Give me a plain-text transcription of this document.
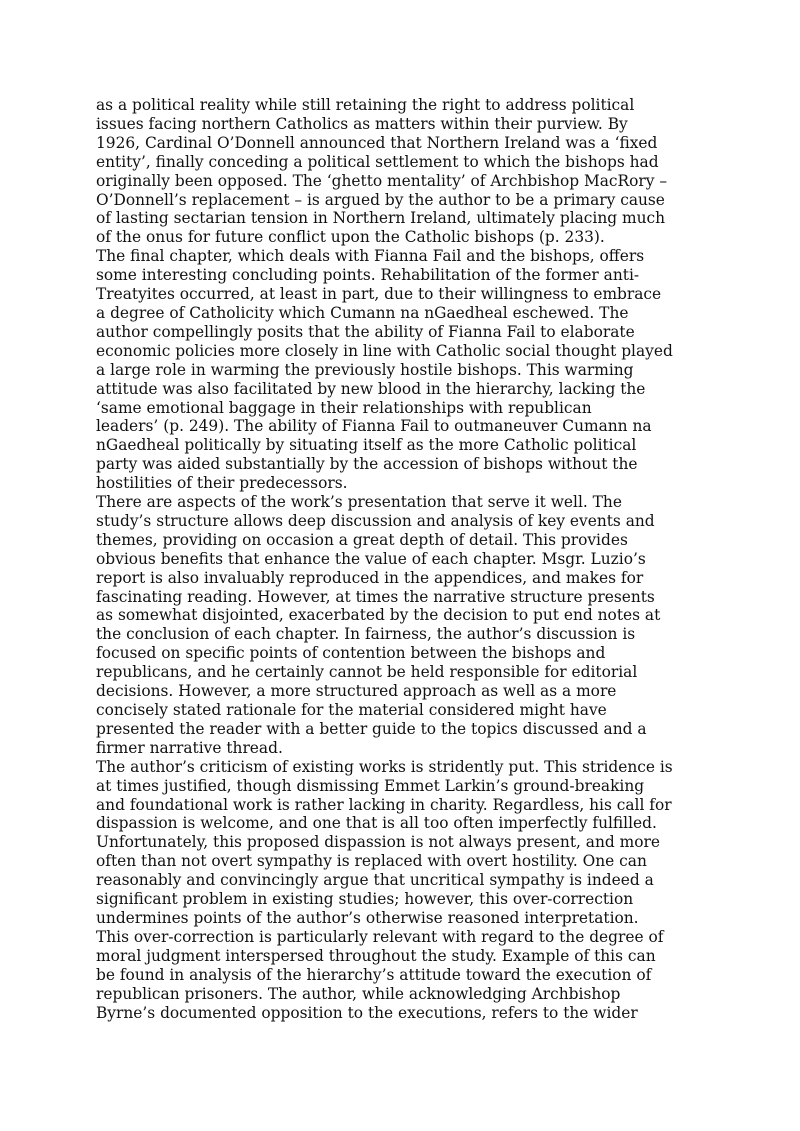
as a political reality while still retaining the right to address political
issues facing northern Catholics as matters within their purview. By
1926, Cardinal O’Donnell announced that Northern Ireland was a ‘fixed
entity’, finally conceding a political settlement to which the bishops had
originally been opposed. The ‘ghetto mentality’ of Archbishop MacRory –
O’Donnell’s replacement – is argued by the author to be a primary cause
of lasting sectarian tension in Northern Ireland, ultimately placing much
of the onus for future conflict upon the Catholic bishops (p. 233).

The final chapter, which deals with Fianna Fail and the bishops, offers
some interesting concluding points. Rehabilitation of the former anti-
Treatyites occurred, at least in part, due to their willingness to embrace
a degree of Catholicity which Cumann na nGaedheal eschewed. The
author compellingly posits that the ability of Fianna Fail to elaborate
economic policies more closely in line with Catholic social thought played
a large role in warming the previously hostile bishops. This warming
attitude was also facilitated by new blood in the hierarchy, lacking the
‘same emotional baggage in their relationships with republican
leaders’ (p. 249). The ability of Fianna Fail to outmaneuver Cumann na
nGaedheal politically by situating itself as the more Catholic political
party was aided substantially by the accession of bishops without the
hostilities of their predecessors.

There are aspects of the work’s presentation that serve it well. The
study’s structure allows deep discussion and analysis of key events and
themes, providing on occasion a great depth of detail. This provides
obvious benefits that enhance the value of each chapter. Msgr. Luzio’s
report is also invaluably reproduced in the appendices, and makes for
fascinating reading. However, at times the narrative structure presents
as somewhat disjointed, exacerbated by the decision to put end notes at
the conclusion of each chapter. In fairness, the author’s discussion is
focused on specific points of contention between the bishops and
republicans, and he certainly cannot be held responsible for editorial
decisions. However, a more structured approach as well as a more
concisely stated rationale for the material considered might have
presented the reader with a better guide to the topics discussed and a
firmer narrative thread.

The author’s criticism of existing works is stridently put. This stridence is
at times justified, though dismissing Emmet Larkin’s ground-breaking
and foundational work is rather lacking in charity. Regardless, his call for
dispassion is welcome, and one that is all too often imperfectly fulfilled.
Unfortunately, this proposed dispassion is not always present, and more
often than not overt sympathy is replaced with overt hostility. One can
reasonably and convincingly argue that uncritical sympathy is indeed a
significant problem in existing studies; however, this over-correction
undermines points of the author’s otherwise reasoned interpretation.
This over-correction is particularly relevant with regard to the degree of
moral judgment interspersed throughout the study. Example of this can
be found in analysis of the hierarchy’s attitude toward the execution of
republican prisoners. The author, while acknowledging Archbishop
Byrne’s documented opposition to the executions, refers to the wider
